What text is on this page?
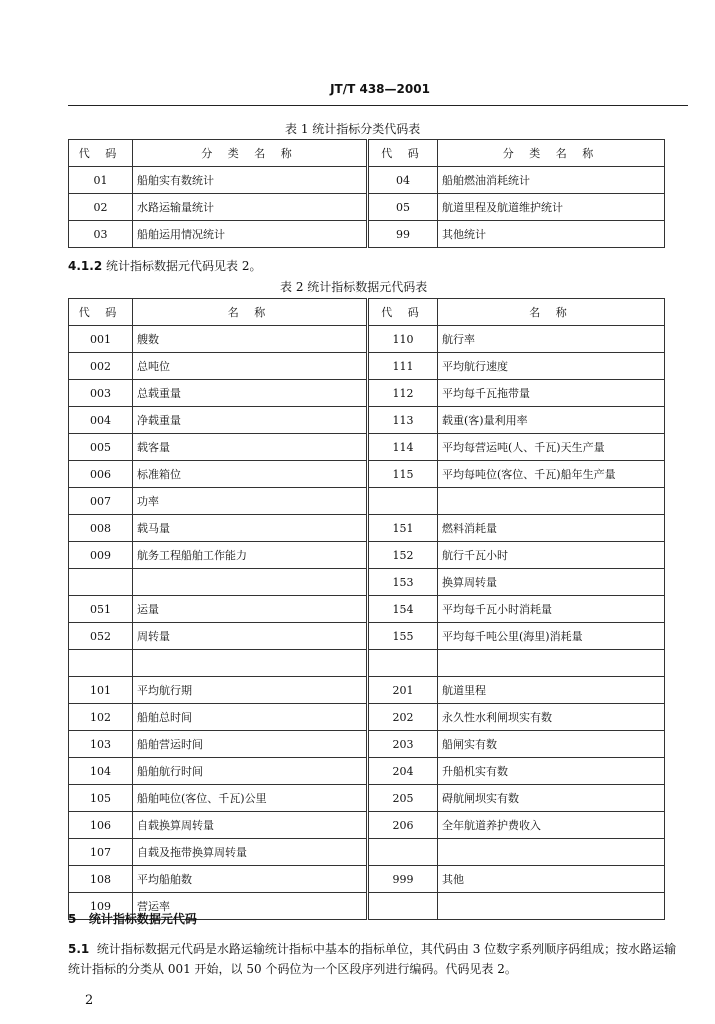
JT/T 438—2001
表 1 统计指标分类代码表
代 码	分 类 名 称	代 码	分 类 名 称
01	船舶实有数统计	04	船舶燃油消耗统计
02	水路运输量统计	05	航道里程及航道维护统计
03	船舶运用情况统计	99	其他统计
4.1.2 统计指标数据元代码见表 2。
表 2 统计指标数据元代码表
代 码	名 称	代 码	名 称
001	艘数	110	航行率
002	总吨位	111	平均航行速度
003	总载重量	112	平均每千瓦拖带量
004	净载重量	113	载重(客)量利用率
005	载客量	114	平均每营运吨(人、千瓦)天生产量
006	标准箱位	115	平均每吨位(客位、千瓦)船年生产量
007	功率		
008	载马量	151	燃料消耗量
009	航务工程船舶工作能力	152	航行千瓦小时
		153	换算周转量
051	运量	154	平均每千瓦小时消耗量
052	周转量	155	平均每千吨公里(海里)消耗量

101	平均航行期	201	航道里程
102	船舶总时间	202	永久性水利闸坝实有数
103	船舶营运时间	203	船闸实有数
104	船舶航行时间	204	升船机实有数
105	船舶吨位(客位、千瓦)公里	205	碍航闸坝实有数
106	自载换算周转量	206	全年航道养护费收入
107	自载及拖带换算周转量		
108	平均船舶数	999	其他
109	营运率		
5 统计指标数据元代码
5.1 统计指标数据元代码是水路运输统计指标中基本的指标单位，其代码由 3 位数字系列顺序码组成；按水路运输统计指标的分类从 001 开始，以 50 个码位为一个区段序列进行编码。代码见表 2。
2
